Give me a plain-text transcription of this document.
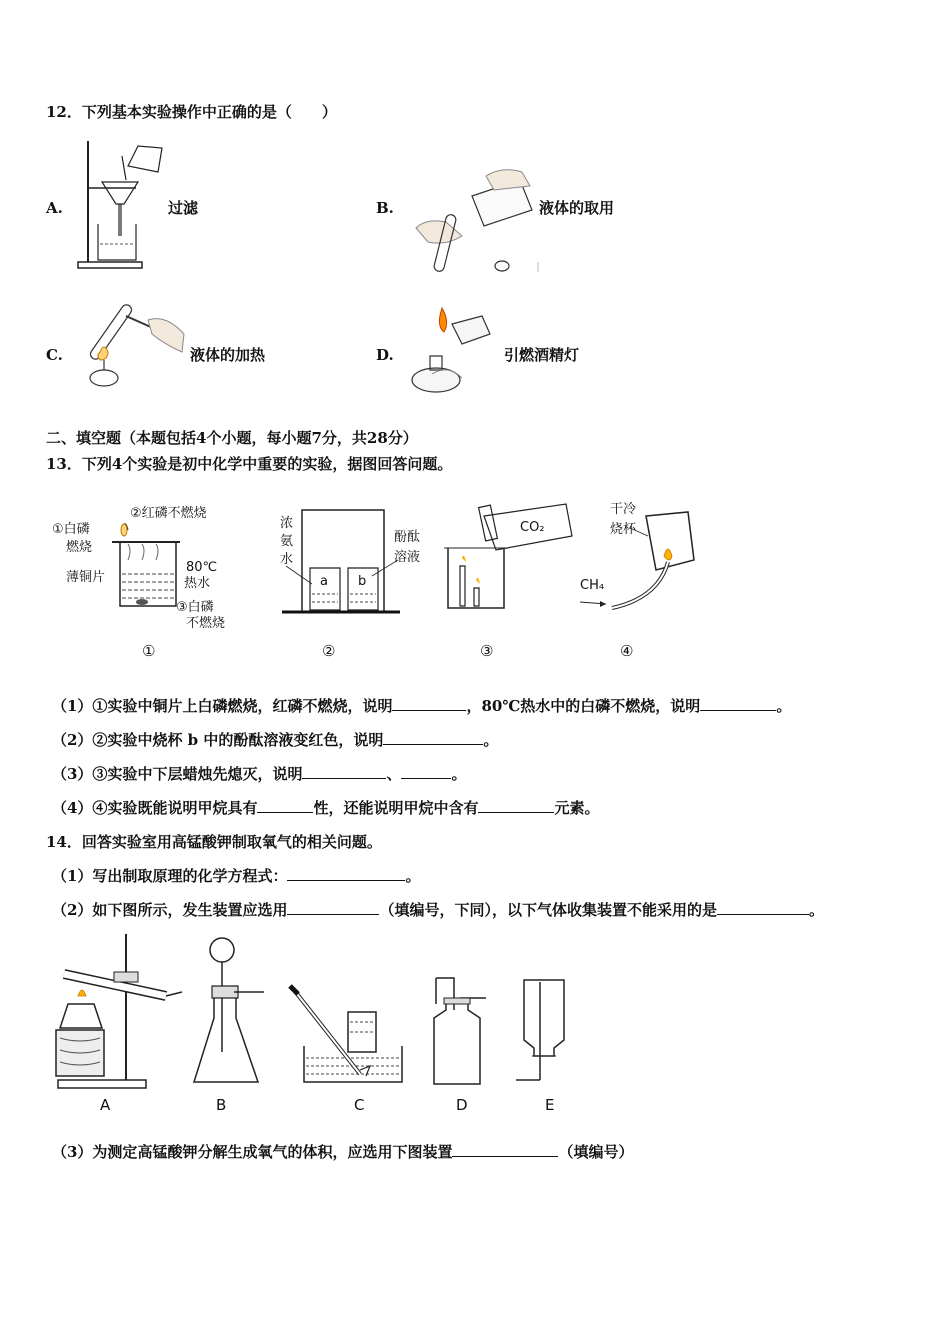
12．下列基本实验操作中正确的是（　　）
A.	过滤	B.	液体的取用
C.	液体的加热	D.	引燃酒精灯
二、填空题（本题包括4个小题，每小题7分，共28分）
13．下列4个实验是初中化学中重要的实验，据图回答问题。
①白磷
燃烧
②红磷不燃烧
薄铜片
80℃
热水
③白磷
不燃烧
浓
氨
水
酚酞
溶液
a b
CO₂
干冷
烧杯
CH₄
①	②	③	④
（1）①实验中铜片上白磷燃烧，红磷不燃烧，说明	，80℃热水中的白磷不燃烧，说明	。
（2）②实验中烧杯 b 中的酚酞溶液变红色，说明	。
（3）③实验中下层蜡烛先熄灭，说明	、	。
（4）④实验既能说明甲烷具有	性，还能说明甲烷中含有	元素。
14．回答实验室用高锰酸钾制取氧气的相关问题。
（1）写出制取原理的化学方程式：	。
（2）如下图所示，发生装置应选用	（填编号，下同），以下气体收集装置不能采用的是	。
A	B	C	D	E
（3）为测定高锰酸钾分解生成氧气的体积，应选用下图装置	（填编号）
